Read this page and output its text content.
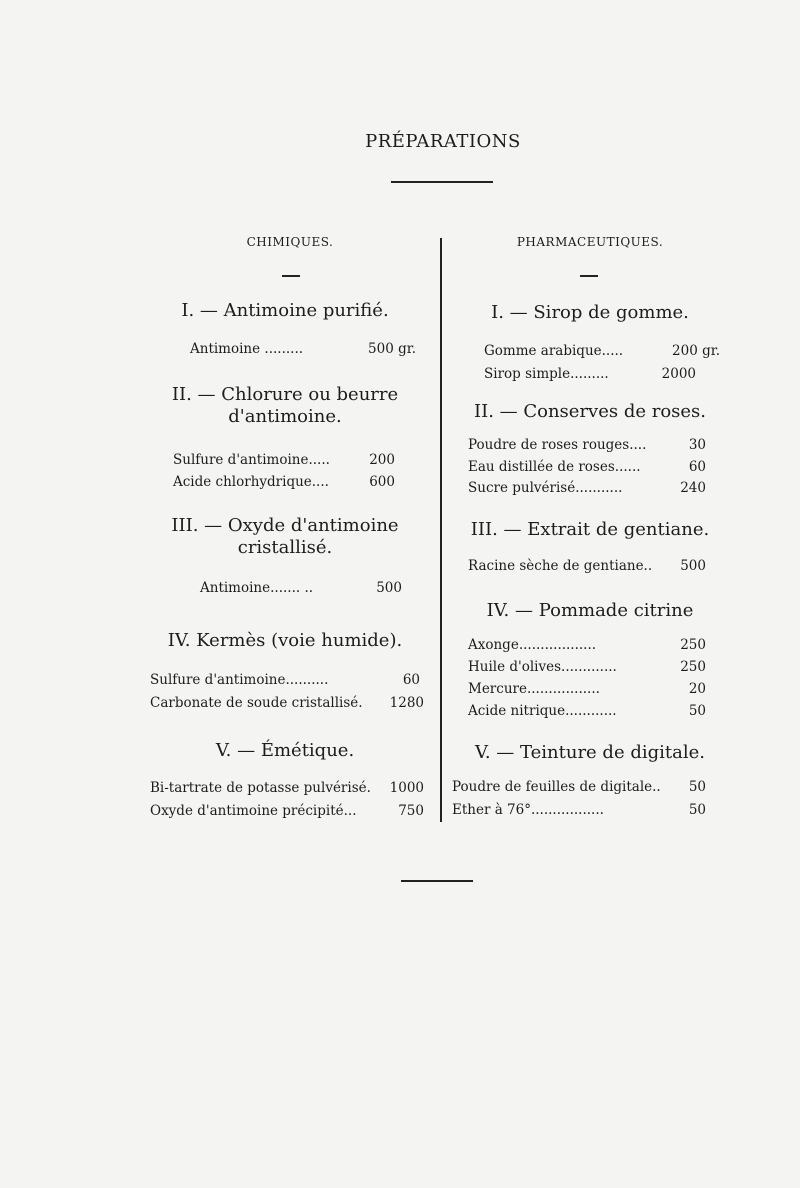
PRÉPARATIONS
CHIMIQUES.
I. — Antimoine purifié.
Antimoine .........	500 gr.
II. — Chlorure ou beurre
d'antimoine.
Sulfure d'antimoine.....	200
Acide chlorhydrique....	600
III. — Oxyde d'antimoine
cristallisé.
Antimoine....... ..	500
IV. Kermès (voie humide).
Sulfure d'antimoine..........	60
Carbonate de soude cristallisé. 1280
V. — Émétique.
Bi-tartrate de potasse pulvérisé. 1000
Oxyde d'antimoine précipité...	750
PHARMACEUTIQUES.
I. — Sirop de gomme.
Gomme arabique.....	200 gr.
Sirop simple.........	2000
II. — Conserves de roses.
Poudre de roses rouges....	30
Eau distillée de roses......	60
Sucre pulvérisé...........	240
III. — Extrait de gentiane.
Racine sèche de gentiane.. 500
IV. — Pommade citrine
Axonge..................	250
Huile d'olives.............	250
Mercure.................	20
Acide nitrique............	50
V. — Teinture de digitale.
Poudre de feuilles de digitale.. 50
Ether à 76°.................	50
